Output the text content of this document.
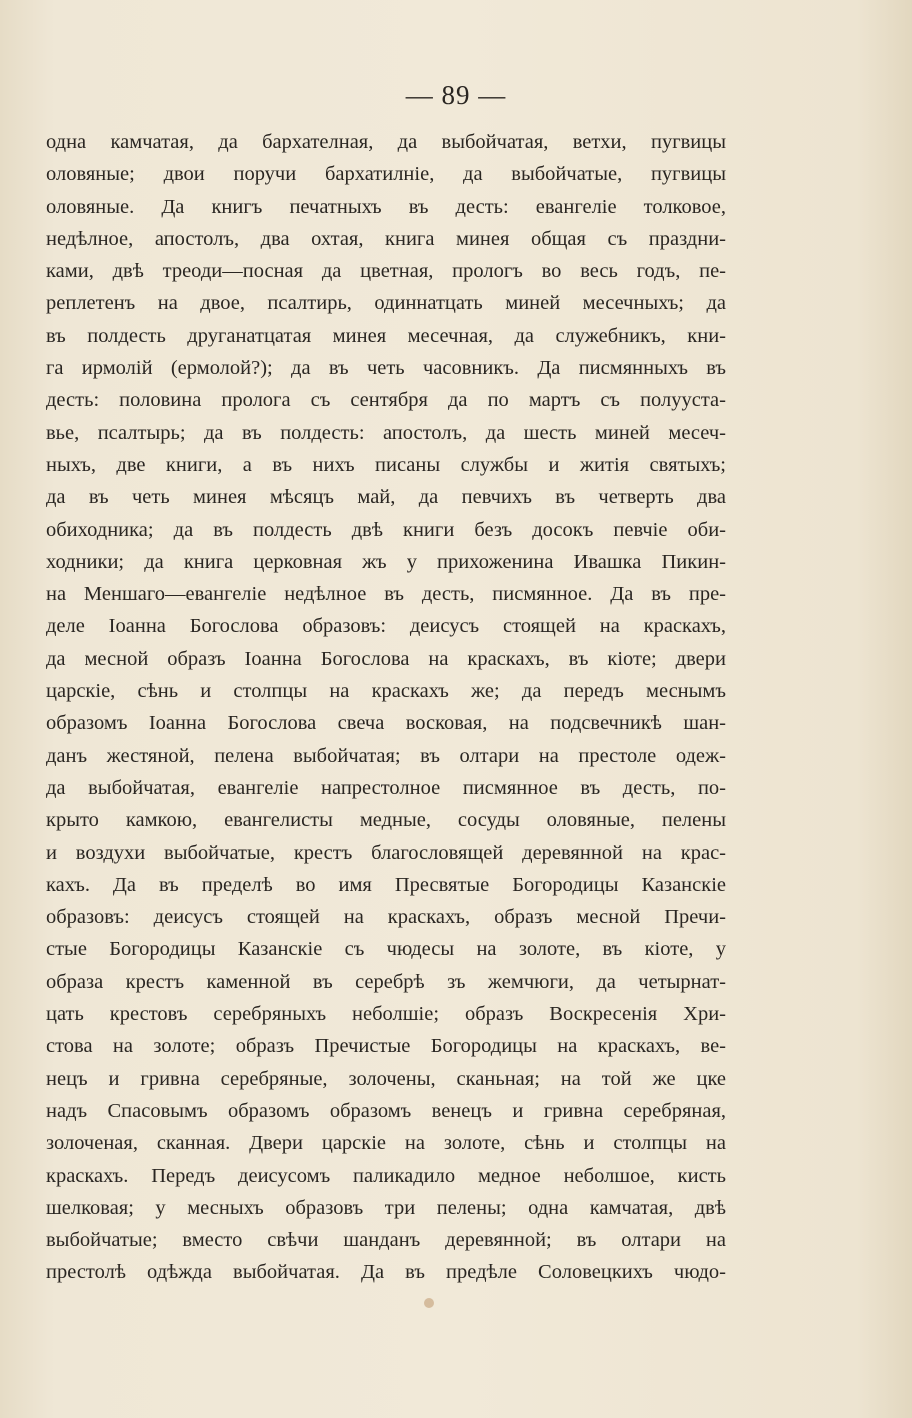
— 89 —
одна камчатая, да бархателная, да выбойчатая, ветхи, пугвицы
оловяные; двои поручи бархатилніе, да выбойчатые, пугвицы
оловяные. Да книгъ печатныхъ въ десть: евангеліе толковое,
недѣлное, апостолъ, два охтая, книга минея общая съ праздни-
ками, двѣ треоди—посная да цветная, прологъ во весь годъ, пе-
реплетенъ на двое, псалтирь, одиннатцать миней месечныхъ; да
въ полдесть друганатцатая минея месечная, да служебникъ, кни-
га ирмолій (ермолой?); да въ четь часовникъ. Да писмянныхъ въ
десть: половина пролога съ сентября да по мартъ съ полууста-
вье, псалтырь; да въ полдесть: апостолъ, да шесть миней месеч-
ныхъ, две книги, а въ нихъ писаны службы и житія святыхъ;
да въ четь минея мѣсяцъ май, да певчихъ въ четверть два
обиходника; да въ полдесть двѣ книги безъ досокъ певчіе оби-
ходники; да книга церковная жъ у прихоженина Ивашка Пикин-
на Меншаго—евангеліе недѣлное въ десть, писмянное. Да въ пре-
деле Іоанна Богослова образовъ: деисусъ стоящей на краскахъ,
да месной образъ Іоанна Богослова на краскахъ, въ кіоте; двери
царскіе, сѣнь и столпцы на краскахъ же; да передъ меснымъ
образомъ Іоанна Богослова свеча восковая, на подсвечникѣ шан-
данъ жестяной, пелена выбойчатая; въ олтари на престоле одеж-
да выбойчатая, евангеліе напрестолное писмянное въ десть, по-
крыто камкою, евангелисты медные, сосуды оловяные, пелены
и воздухи выбойчатые, крестъ благословящей деревянной на крас-
кахъ. Да въ пределѣ во имя Пресвятые Богородицы Казанскіе
образовъ: деисусъ стоящей на краскахъ, образъ месной Пречи-
стые Богородицы Казанскіе съ чюдесы на золоте, въ кіоте, у
образа крестъ каменной въ серебрѣ зъ жемчюги, да четырнат-
цать крестовъ серебряныхъ неболшіе; образъ Воскресенія Хри-
стова на золоте; образъ Пречистые Богородицы на краскахъ, ве-
нецъ и гривна серебряные, золочены, сканьная; на той же цке
надъ Спасовымъ образомъ образомъ венецъ и гривна серебряная,
золоченая, сканная. Двери царскіе на золоте, сѣнь и столпцы на
краскахъ. Передъ деисусомъ паликадило медное неболшое, кисть
шелковая; у месныхъ образовъ три пелены; одна камчатая, двѣ
выбойчатые; вместо свѣчи шанданъ деревянной; въ олтари на
престолѣ одѣжда выбойчатая. Да въ предѣле Соловецкихъ чюдо-
